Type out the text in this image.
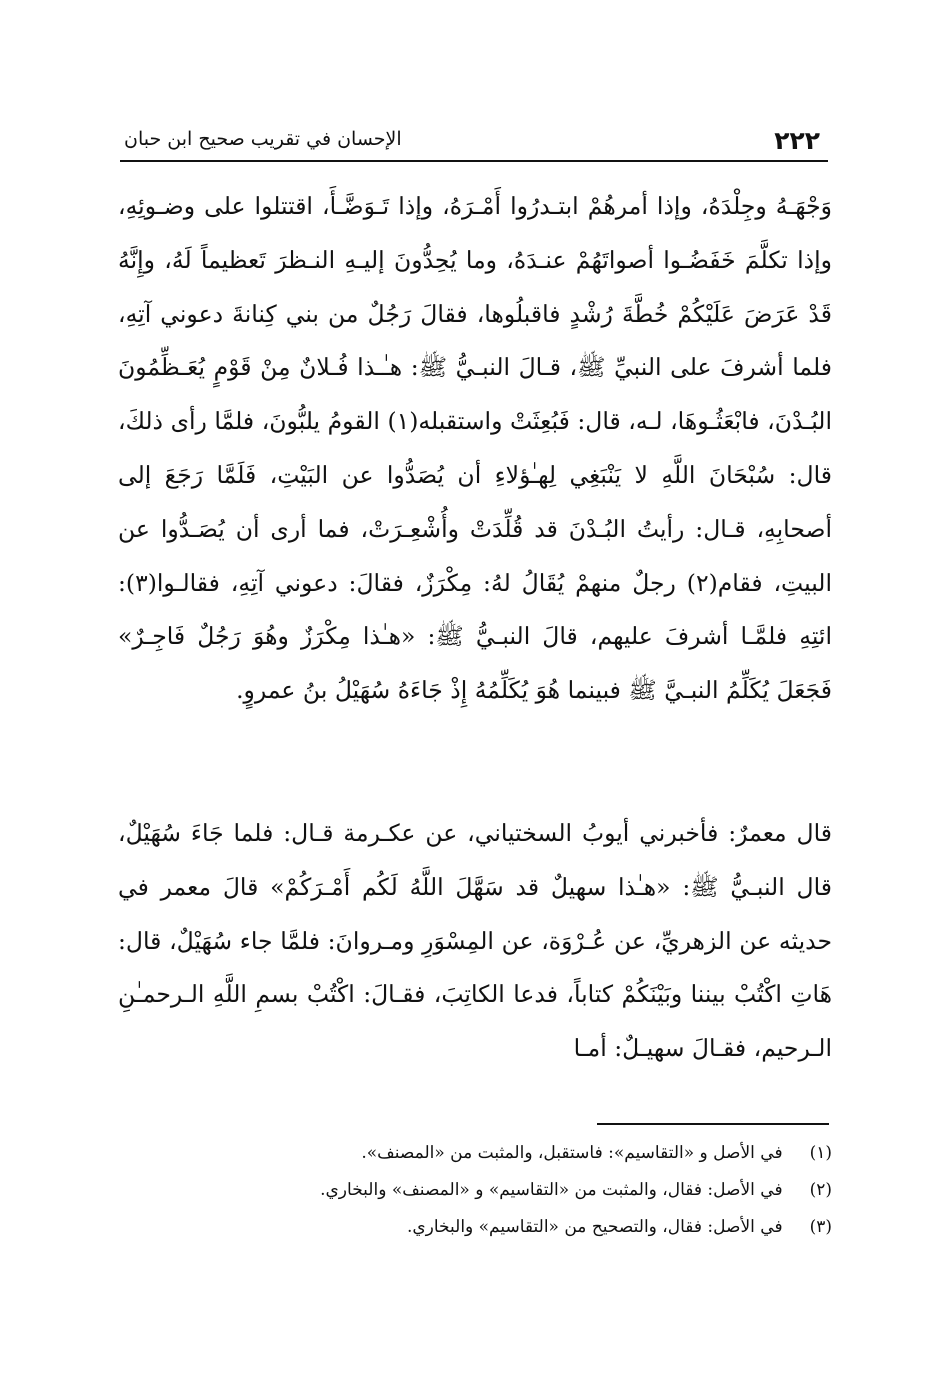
٢٢٢
الإحسان في تقريب صحيح ابن حبان

وَجْهَـهُ وجِلْدَهُ، وإذا أمرهُمْ ابتـدرُوا أَمْـرَهُ، وإذا تَـوَضَّـأَ، اقتتلوا على وضـوئِهِ، وإذا تكلَّمَ خَفَضُـوا أصواتَهُمْ عنـدَهُ، وما يُحِدُّونَ إليـهِ النـظرَ تَعظيماً لَهُ، وإِنَّهُ قَدْ عَرَضَ عَلَيْكُمْ خُطَّةَ رُشْدٍ فاقبلُوها، فقالَ رَجُلٌ من بني كِنانةَ دعوني آتِهِ، فلما أشرفَ على النبيِّ ﷺ، قـالَ النبـيُّ ﷺ: هـٰـذا فُـلانٌ مِنْ قَوْمٍ يُعَـظِّمُونَ البُـدْنَ، فابْعَثُـوهَا، لـه، قال: فَبُعِثَتْ واستقبله(١) القومُ يلبُّونَ، فلمَّا رأى ذلكَ، قال: سُبْحَانَ اللَّهِ لا يَنْبَغِي لِهـٰؤلاءِ أن يُصَدُّوا عن البَيْتِ، فَلَمَّا رَجَعَ إلى أصحابِهِ، قـال: رأيتُ البُـدْنَ قد قُلِّدَتْ وأُشْعِـرَتْ، فما أرى أن يُصَـدُّوا عن البيتِ، فقام(٢) رجلٌ منهمْ يُقَالُ لهُ: مِكْرَزٌ، فقالَ: دعوني آتِهِ، فقالـوا(٣): ائتِهِ فلمَّـا أشرفَ عليهم، قالَ النبـيُّ ﷺ: «هـٰذا مِكْرَزٌ وهُوَ رَجُلٌ فَاجِـرٌ» فَجَعَلَ يُكَلِّمُ النبـيَّ ﷺ فبينما هُوَ يُكَلِّمُهُ إِذْ جَاءَهُ سُهَيْلُ بنُ عمروٍ.

قال معمرٌ: فأخبرني أيوبُ السختياني، عن عكـرمة قـال: فلما جَاءَ سُهَيْلٌ، قال النبـيُّ ﷺ: «هـٰذا سهيلٌ قد سَهَّلَ اللَّهُ لَكُم أَمْـرَكُمْ» قالَ معمر في حديثه عن الزهريِّ، عن عُـرْوَة، عن المِسْوَرِ ومـروانَ: فلمَّا جاء سُهَيْلٌ، قال: هَاتِ اكْتُبْ بيننا وبَيْنَكُمْ كتاباً، فدعا الكاتِبَ، فقـالَ: اكْتُبْ بسمِ اللَّهِ الـرحمـٰنِ الـرحيم، فقـالَ سهيـلٌ: أمـا

(١) في الأصل و «التقاسيم»: فاستقبل، والمثبت من «المصنف».
(٢) في الأصل: فقال، والمثبت من «التقاسيم» و «المصنف» والبخاري.
(٣) في الأصل: فقال، والتصحيح من «التقاسيم» والبخاري.
